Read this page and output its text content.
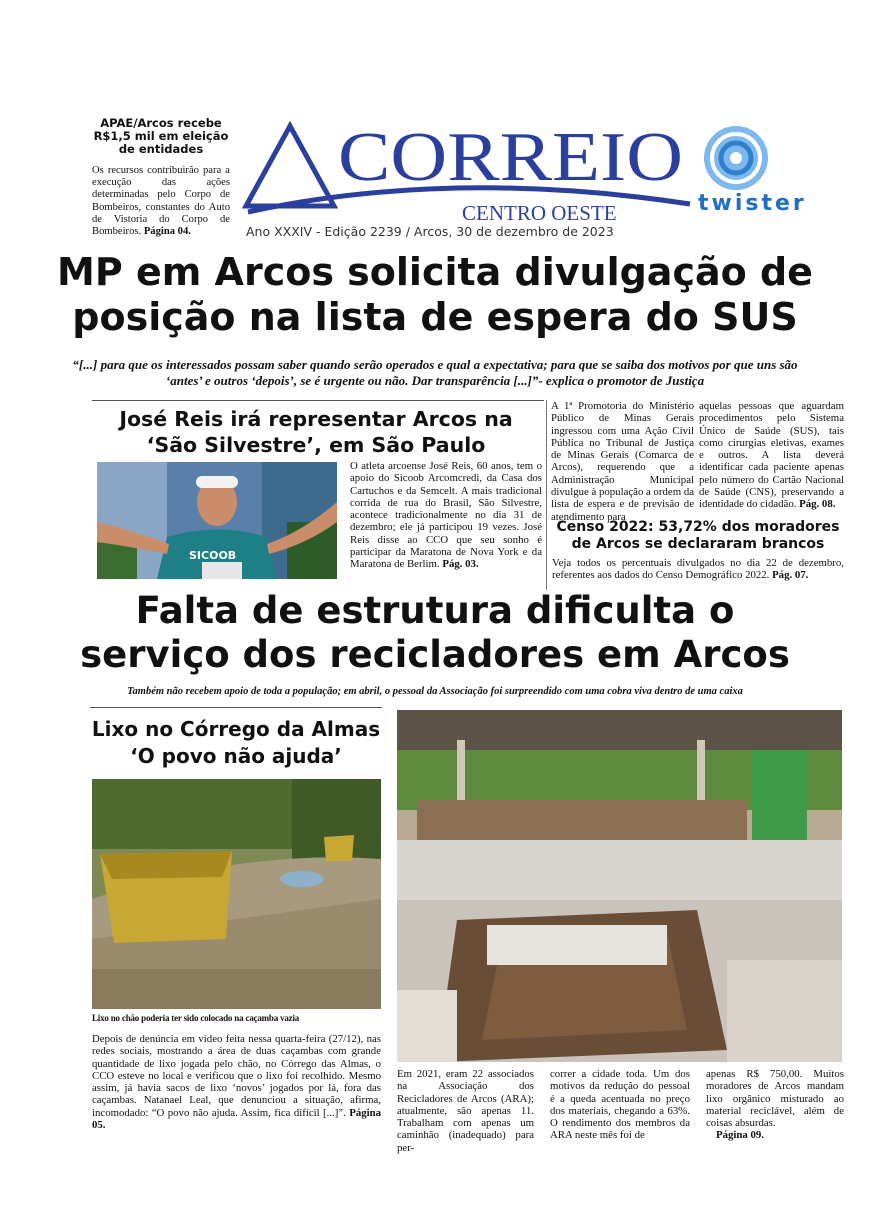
APAE/Arcos recebe R$1,5 mil em eleição de entidades
Os recursos contribuirão para a execução das ações determinadas pelo Corpo de Bombeiros, constantes do Auto de Vistoria do Corpo de Bombeiros. Página 04.
CORREIO
CENTRO OESTE
Ano XXXIV - Edição 2239 / Arcos, 30 de dezembro de 2023
twister
MP em Arcos solicita divulgação de posição na lista de espera do SUS
“[...] para que os interessados possam saber quando serão operados e qual a expectativa; para que se saiba dos motivos por que uns são ‘antes’ e outros ‘depois’, se é urgente ou não. Dar transparência [...]”- explica o promotor de Justiça
José Reis irá representar Arcos na ‘São Silvestre’, em São Paulo
SICOOB
O atleta arcoense José Reis, 60 anos, tem o apoio do Sicoob Arcomcredi, da Casa dos Cartuchos e da Semcelt. A mais tradicional corrida de rua do Brasil, São Silvestre, acontece tradicionalmente no dia 31 de dezembro; ele já participou 19 vezes. José Reis disse ao CCO que seu sonho é participar da Maratona de Nova York e da Maratona de Berlim. Pág. 03.
A 1ª Promotoria do Ministério Público de Minas Gerais ingressou com uma Ação Civil Pública no Tribunal de Justiça de Minas Gerais (Comarca de Arcos), requerendo que a Administração Municipal divulgue à população a ordem da lista de espera e de previsão de atendimento para
aquelas pessoas que aguardam procedimentos pelo Sistema Único de Saúde (SUS), tais como cirurgias eletivas, exames e outros. A lista deverá identificar cada paciente apenas pelo número do Cartão Nacional de Saúde (CNS), preservando a identidade do cidadão. Pág. 08.
Censo 2022: 53,72% dos moradores de Arcos se declararam brancos
Veja todos os percentuais divulgados no dia 22 de dezembro, referentes aos dados do Censo Demográfico 2022. Pág. 07.
Falta de estrutura dificulta o serviço dos recicladores em Arcos
Também não recebem apoio de toda a população; em abril, o pessoal da Associação foi surpreendido com uma cobra viva dentro de uma caixa
Lixo no Córrego da Almas ‘O povo não ajuda’
Lixo no chão poderia ter sido colocado na caçamba vazia
Depois de denúncia em vídeo feita nessa quarta-feira (27/12), nas redes sociais, mostrando a área de duas caçambas com grande quantidade de lixo jogada pelo chão, no Córrego das Almas, o CCO esteve no local e verificou que o lixo foi recolhido. Mesmo assim, já havia sacos de lixo ‘novos’ jogados por lá, fora das caçambas. Natanael Leal, que denunciou a situação, afirma, incomodado: “O povo não ajuda. Assim, fica difícil [...]”. Página 05.
Em 2021, eram 22 associados na Associação dos Recicladores de Arcos (ARA); atualmente, são apenas 11. Trabalham com apenas um caminhão (inadequado) para per-
correr a cidade toda. Um dos motivos da redução do pessoal é a queda acentuada no preço dos materiais, chegando a 63%. O rendimento dos membros da ARA neste mês foi de
apenas R$ 750,00. Muitos moradores de Arcos mandam lixo orgânico misturado ao material reciclável, além de coisas absurdas.
Página 09.
